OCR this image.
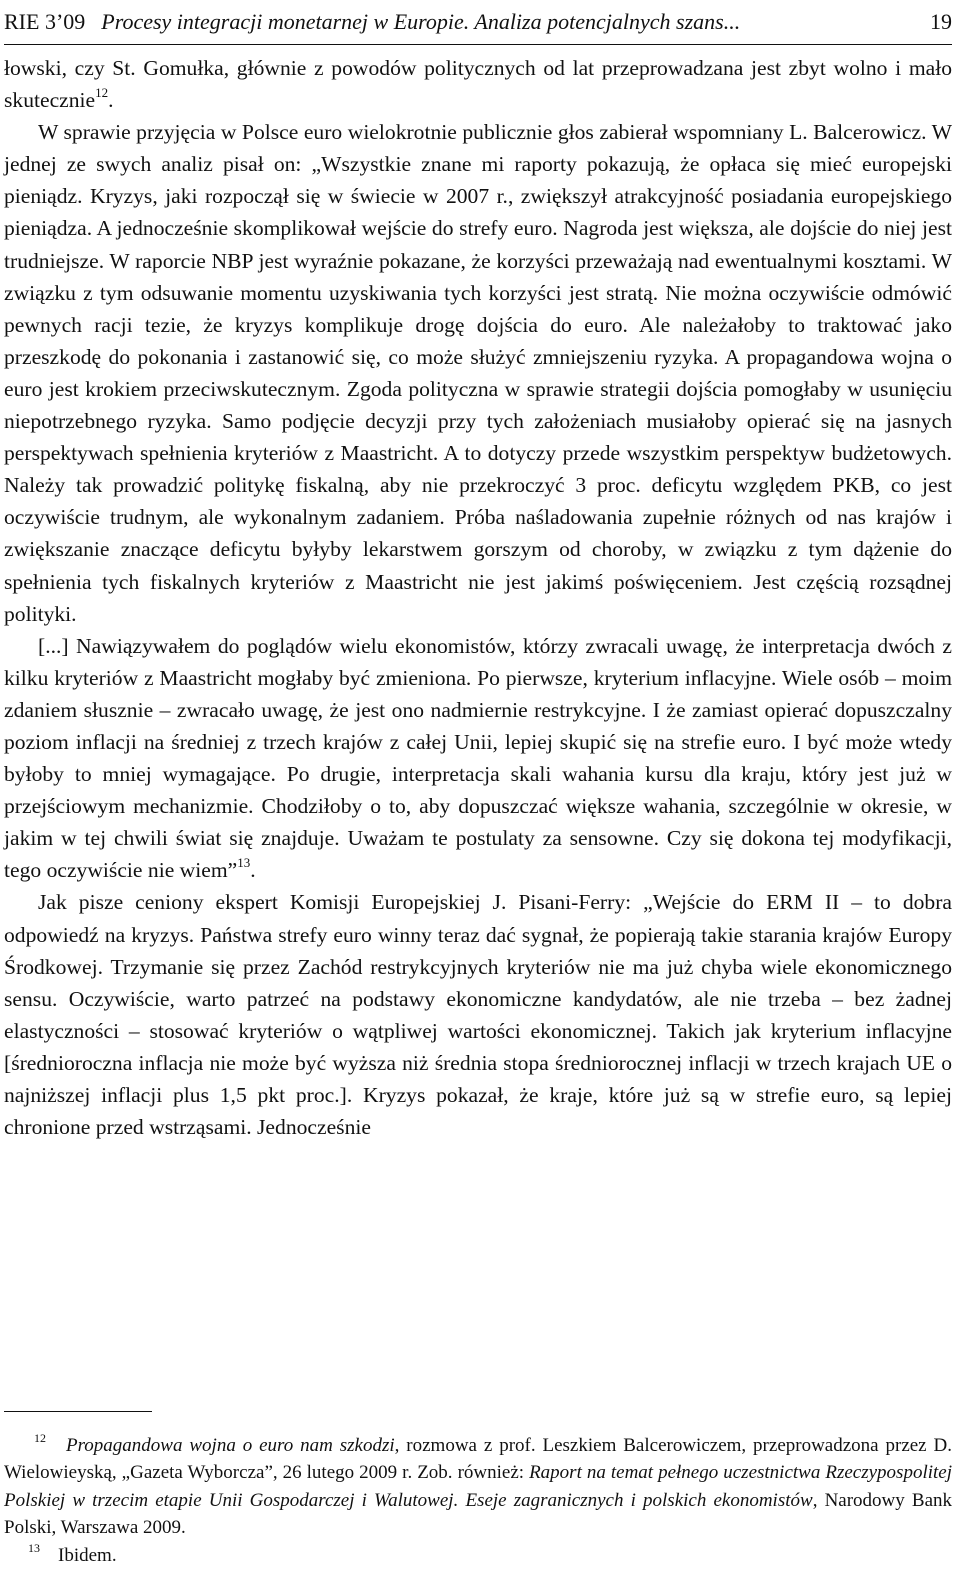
RIE 3’09 Procesy integracji monetarnej w Europie. Analiza potencjalnych szans...	19

łowski, czy St. Gomułka, głównie z powodów politycznych od lat przeprowadzana jest zbyt wolno i mało skutecznie$^{12}$.

W sprawie przyjęcia w Polsce euro wielokrotnie publicznie głos zabierał wspomniany L. Balcerowicz. W jednej ze swych analiz pisał on: „Wszystkie znane mi raporty pokazują, że opłaca się mieć europejski pieniądz. Kryzys, jaki rozpoczął się w świecie w 2007 r., zwiększył atrakcyjność posiadania europejskiego pieniądza. A jednocześnie skomplikował wejście do strefy euro. Nagroda jest większa, ale dojście do niej jest trudniejsze. W raporcie NBP jest wyraźnie pokazane, że korzyści przeważają nad ewentualnymi kosztami. W związku z tym odsuwanie momentu uzyskiwania tych korzyści jest stratą. Nie można oczywiście odmówić pewnych racji tezie, że kryzys komplikuje drogę dojścia do euro. Ale należałoby to traktować jako przeszkodę do pokonania i zastanowić się, co może służyć zmniejszeniu ryzyka. A propagandowa wojna o euro jest krokiem przeciwskutecznym. Zgoda polityczna w sprawie strategii dojścia pomogłaby w usunięciu niepotrzebnego ryzyka. Samo podjęcie decyzji przy tych założeniach musiałoby opierać się na jasnych perspektywach spełnienia kryteriów z Maastricht. A to dotyczy przede wszystkim perspektyw budżetowych. Należy tak prowadzić politykę fiskalną, aby nie przekroczyć 3 proc. deficytu względem PKB, co jest oczywiście trudnym, ale wykonalnym zadaniem. Próba naśladowania zupełnie różnych od nas krajów i zwiększanie znaczące deficytu byłyby lekarstwem gorszym od choroby, w związku z tym dążenie do spełnienia tych fiskalnych kryteriów z Maastricht nie jest jakimś poświęceniem. Jest częścią rozsądnej polityki.

[...] Nawiązywałem do poglądów wielu ekonomistów, którzy zwracali uwagę, że interpretacja dwóch z kilku kryteriów z Maastricht mogłaby być zmieniona. Po pierwsze, kryterium inflacyjne. Wiele osób – moim zdaniem słusznie – zwracało uwagę, że jest ono nadmiernie restrykcyjne. I że zamiast opierać dopuszczalny poziom inflacji na średniej z trzech krajów z całej Unii, lepiej skupić się na strefie euro. I być może wtedy byłoby to mniej wymagające. Po drugie, interpretacja skali wahania kursu dla kraju, który jest już w przejściowym mechanizmie. Chodziłoby o to, aby dopuszczać większe wahania, szczególnie w okresie, w jakim w tej chwili świat się znajduje. Uważam te postulaty za sensowne. Czy się dokona tej modyfikacji, tego oczywiście nie wiem”$^{13}$.

Jak pisze ceniony ekspert Komisji Europejskiej J. Pisani-Ferry: „Wejście do ERM II – to dobra odpowiedź na kryzys. Państwa strefy euro winny teraz dać sygnał, że popierają takie starania krajów Europy Środkowej. Trzymanie się przez Zachód restrykcyjnych kryteriów nie ma już chyba wiele ekonomicznego sensu. Oczywiście, warto patrzeć na podstawy ekonomiczne kandydatów, ale nie trzeba – bez żadnej elastyczności – stosować kryteriów o wątpliwej wartości ekonomicznej. Takich jak kryterium inflacyjne [średnioroczna inflacja nie może być wyższa niż średnia stopa średniorocznej inflacji w trzech krajach UE o najniższej inflacji plus 1,5 pkt proc.]. Kryzys pokazał, że kraje, które już są w strefie euro, są lepiej chronione przed wstrząsami. Jednocześnie

$^{12}$ Propagandowa wojna o euro nam szkodzi, rozmowa z prof. Leszkiem Balcerowiczem, przeprowadzona przez D. Wielowieyską, „Gazeta Wyborcza”, 26 lutego 2009 r. Zob. również: Raport na temat pełnego uczestnictwa Rzeczypospolitej Polskiej w trzecim etapie Unii Gospodarczej i Walutowej. Eseje zagranicznych i polskich ekonomistów, Narodowy Bank Polski, Warszawa 2009.

$^{13}$ Ibidem.
